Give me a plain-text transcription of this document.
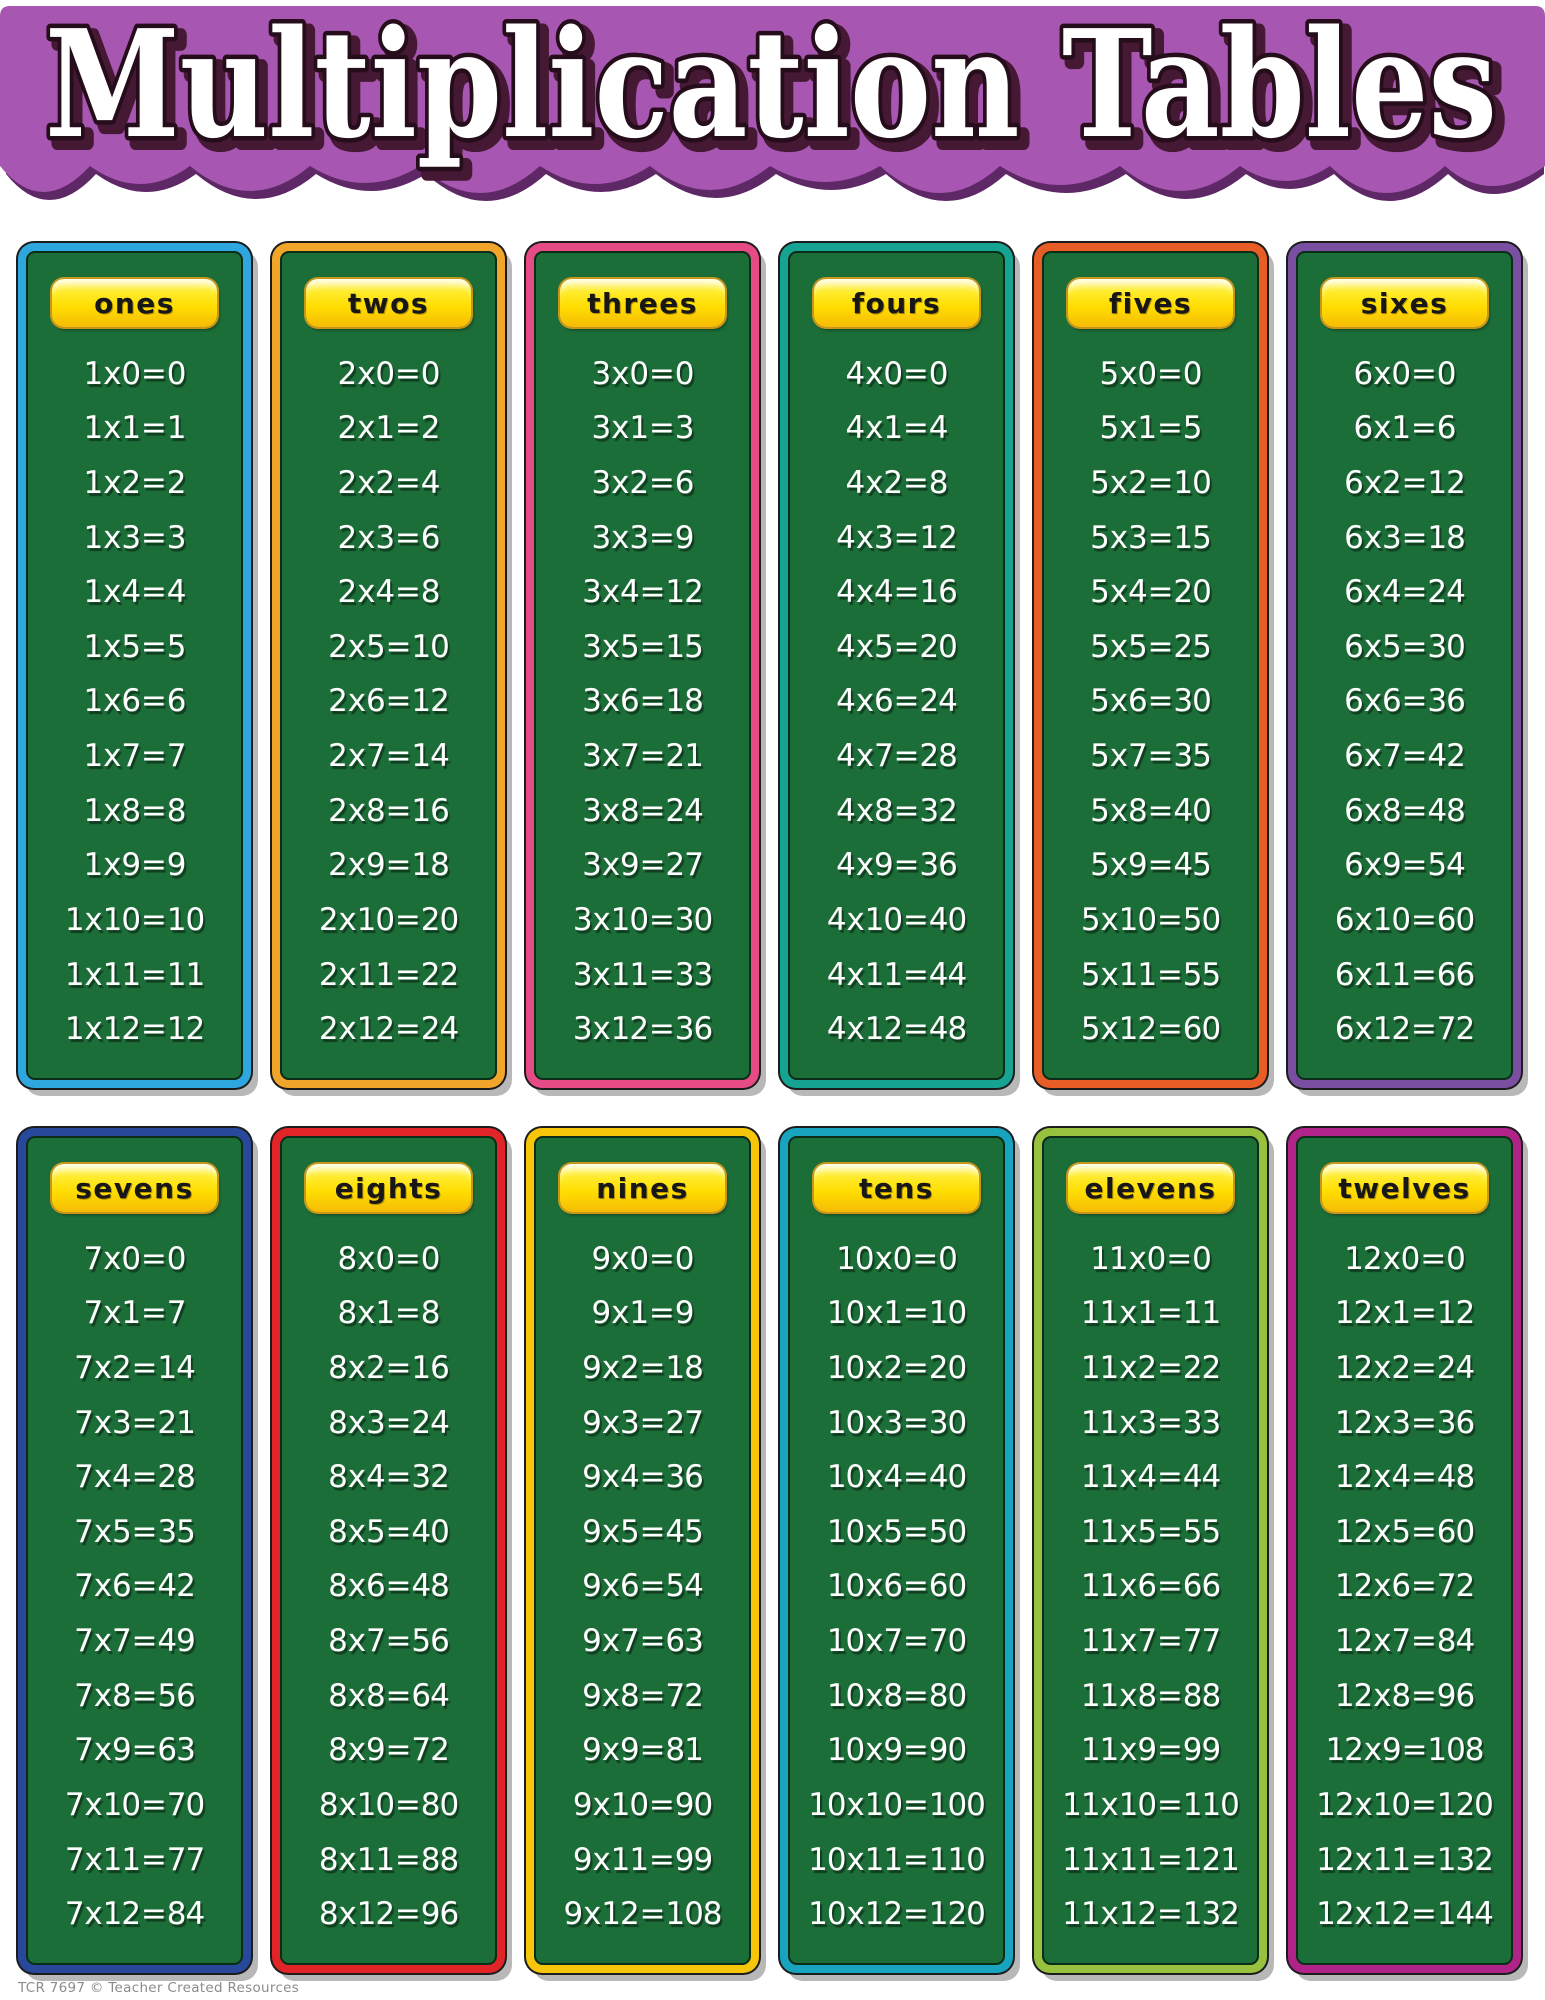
Multiplication Tables
Multiplication Tables
ones
1 x 0 = 0
1 x 1 = 1
1 x 2 = 2
1 x 3 = 3
1 x 4 = 4
1 x 5 = 5
1 x 6 = 6
1 x 7 = 7
1 x 8 = 8
1 x 9 = 9
1 x 10 = 10
1 x 11 = 11
1 x 12 = 12
twos
2 x 0 = 0
2 x 1 = 2
2 x 2 = 4
2 x 3 = 6
2 x 4 = 8
2 x 5 = 10
2 x 6 = 12
2 x 7 = 14
2 x 8 = 16
2 x 9 = 18
2 x 10 = 20
2 x 11 = 22
2 x 12 = 24
threes
3 x 0 = 0
3 x 1 = 3
3 x 2 = 6
3 x 3 = 9
3 x 4 = 12
3 x 5 = 15
3 x 6 = 18
3 x 7 = 21
3 x 8 = 24
3 x 9 = 27
3 x 10 = 30
3 x 11 = 33
3 x 12 = 36
fours
4 x 0 = 0
4 x 1 = 4
4 x 2 = 8
4 x 3 = 12
4 x 4 = 16
4 x 5 = 20
4 x 6 = 24
4 x 7 = 28
4 x 8 = 32
4 x 9 = 36
4 x 10 = 40
4 x 11 = 44
4 x 12 = 48
fives
5 x 0 = 0
5 x 1 = 5
5 x 2 = 10
5 x 3 = 15
5 x 4 = 20
5 x 5 = 25
5 x 6 = 30
5 x 7 = 35
5 x 8 = 40
5 x 9 = 45
5 x 10 = 50
5 x 11 = 55
5 x 12 = 60
sixes
6 x 0 = 0
6 x 1 = 6
6 x 2 = 12
6 x 3 = 18
6 x 4 = 24
6 x 5 = 30
6 x 6 = 36
6 x 7 = 42
6 x 8 = 48
6 x 9 = 54
6 x 10 = 60
6 x 11 = 66
6 x 12 = 72
sevens
7 x 0 = 0
7 x 1 = 7
7 x 2 = 14
7 x 3 = 21
7 x 4 = 28
7 x 5 = 35
7 x 6 = 42
7 x 7 = 49
7 x 8 = 56
7 x 9 = 63
7 x 10 = 70
7 x 11 = 77
7 x 12 = 84
eights
8 x 0 = 0
8 x 1 = 8
8 x 2 = 16
8 x 3 = 24
8 x 4 = 32
8 x 5 = 40
8 x 6 = 48
8 x 7 = 56
8 x 8 = 64
8 x 9 = 72
8 x 10 = 80
8 x 11 = 88
8 x 12 = 96
nines
9 x 0 = 0
9 x 1 = 9
9 x 2 = 18
9 x 3 = 27
9 x 4 = 36
9 x 5 = 45
9 x 6 = 54
9 x 7 = 63
9 x 8 = 72
9 x 9 = 81
9 x 10 = 90
9 x 11 = 99
9 x 12 = 108
tens
10 x 0 = 0
10 x 1 = 10
10 x 2 = 20
10 x 3 = 30
10 x 4 = 40
10 x 5 = 50
10 x 6 = 60
10 x 7 = 70
10 x 8 = 80
10 x 9 = 90
10 x 10 = 100
10 x 11 = 110
10 x 12 = 120
elevens
11 x 0 = 0
11 x 1 = 11
11 x 2 = 22
11 x 3 = 33
11 x 4 = 44
11 x 5 = 55
11 x 6 = 66
11 x 7 = 77
11 x 8 = 88
11 x 9 = 99
11 x 10 = 110
11 x 11 = 121
11 x 12 = 132
twelves
12 x 0 = 0
12 x 1 = 12
12 x 2 = 24
12 x 3 = 36
12 x 4 = 48
12 x 5 = 60
12 x 6 = 72
12 x 7 = 84
12 x 8 = 96
12 x 9 = 108
12 x 10 = 120
12 x 11 = 132
12 x 12 = 144
TCR 7697 © Teacher Created Resources
